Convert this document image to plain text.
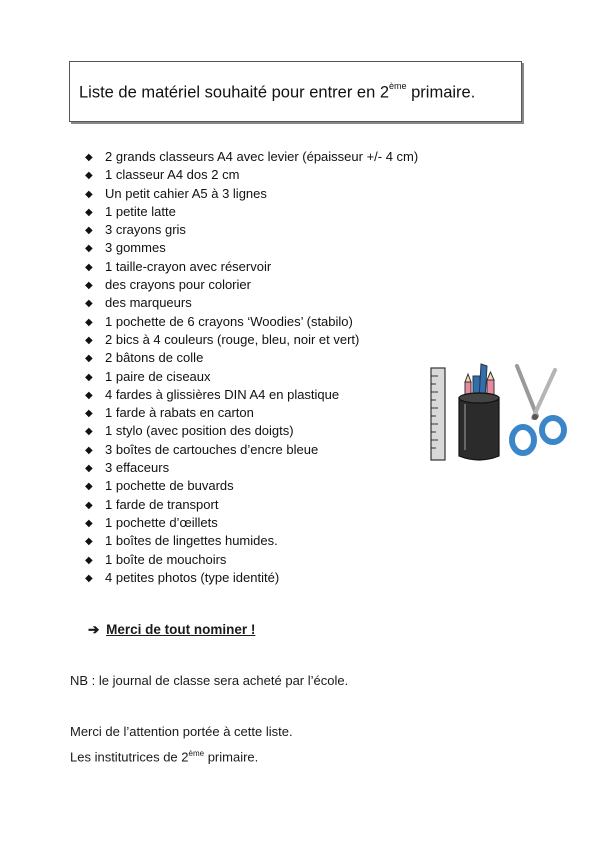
Liste de matériel souhaité pour entrer en 2ème primaire.
◆ 2 grands classeurs A4 avec levier (épaisseur +/- 4 cm)
◆ 1 classeur A4 dos 2 cm
◆ Un petit cahier A5 à 3 lignes
◆ 1 petite latte
◆ 3 crayons gris
◆ 3 gommes
◆ 1 taille-crayon avec réservoir
◆ des crayons pour colorier
◆ des marqueurs
◆ 1 pochette de 6 crayons ‘Woodies’ (stabilo)
◆ 2 bics à 4 couleurs (rouge, bleu, noir et vert)
◆ 2 bâtons de colle
◆ 1 paire de ciseaux
◆ 4 fardes à glissières DIN A4 en plastique
◆ 1 farde à rabats en carton
◆ 1 stylo (avec position des doigts)
◆ 3 boîtes de cartouches d’encre bleue
◆ 3 effaceurs
◆ 1 pochette de buvards
◆ 1 farde de transport
◆ 1 pochette d’œillets
◆ 1 boîtes de lingettes humides.
◆ 1 boîte de mouchoirs
◆ 4 petites photos (type identité)
➔ Merci de tout nominer !
NB : le journal de classe sera acheté par l’école.
Merci de l’attention portée à cette liste.
Les institutrices de 2ème primaire.
